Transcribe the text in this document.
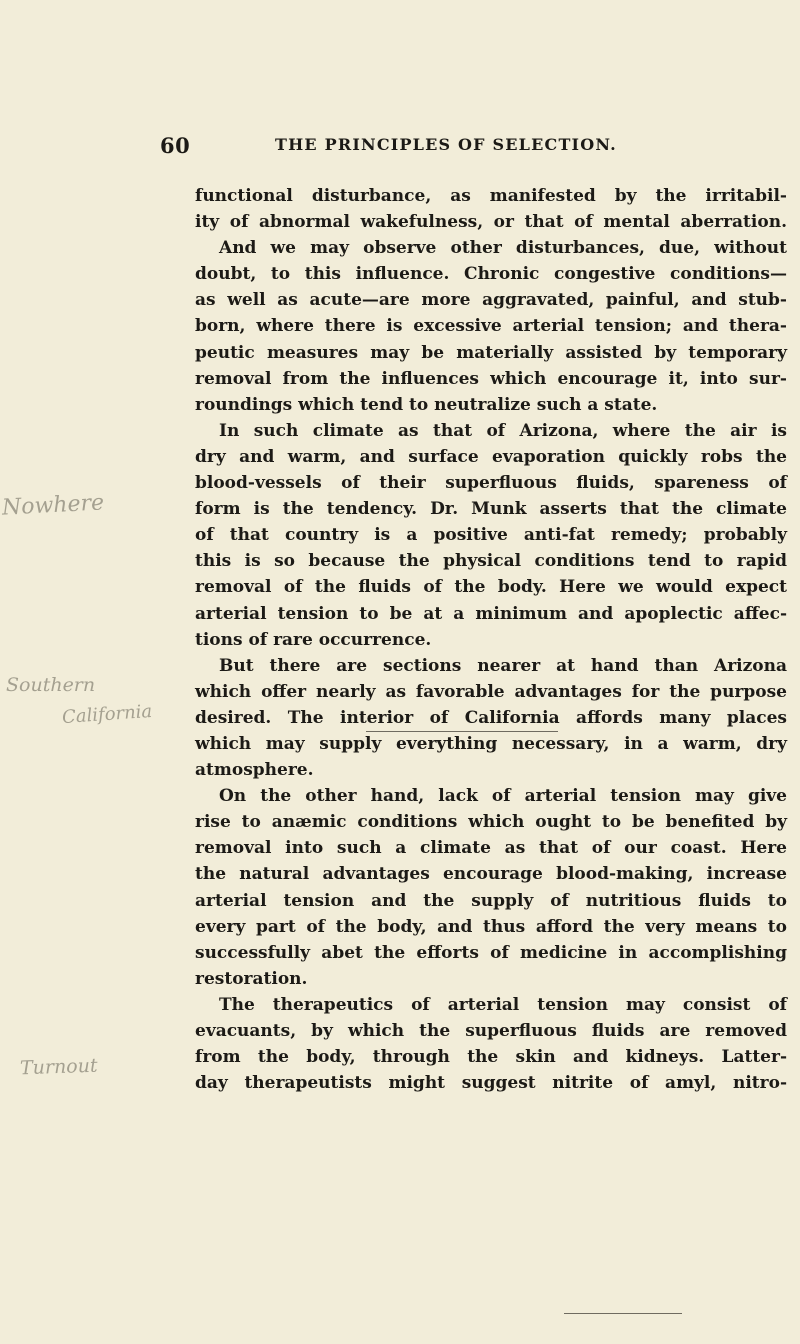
60	THE PRINCIPLES OF SELECTION.
functional disturbance, as manifested by the irritabil-
ity of abnormal wakefulness, or that of mental aberration.
And we may observe other disturbances, due, without
doubt, to this influence. Chronic congestive conditions—
as well as acute—are more aggravated, painful, and stub-
born, where there is excessive arterial tension; and thera-
peutic measures may be materially assisted by temporary
removal from the influences which encourage it, into sur-
roundings which tend to neutralize such a state.
In such climate as that of Arizona, where the air is
dry and warm, and surface evaporation quickly robs the
blood-vessels of their superfluous fluids, spareness of
form is the tendency. Dr. Munk asserts that the climate
of that country is a positive anti-fat remedy; probably
this is so because the physical conditions tend to rapid
removal of the fluids of the body. Here we would expect
arterial tension to be at a minimum and apoplectic affec-
tions of rare occurrence.
But there are sections nearer at hand than Arizona
which offer nearly as favorable advantages for the purpose
desired. The interior of California affords many places
which may supply everything necessary, in a warm, dry
atmosphere.
On the other hand, lack of arterial tension may give
rise to anæmic conditions which ought to be benefited by
removal into such a climate as that of our coast. Here
the natural advantages encourage blood-making, increase
arterial tension and the supply of nutritious fluids to
every part of the body, and thus afford the very means to
successfully abet the efforts of medicine in accomplishing
restoration.
The therapeutics of arterial tension may consist of
evacuants, by which the superfluous fluids are removed
from the body, through the skin and kidneys. Latter-
day therapeutists might suggest nitrite of amyl, nitro-
Nowhere
Southern
California
Turnout
